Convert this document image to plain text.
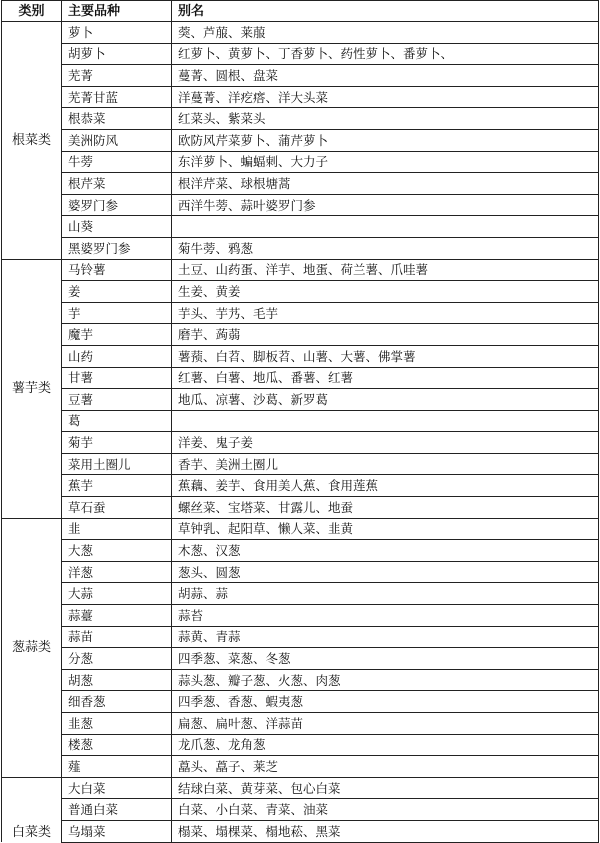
类别	主要品种	别名
根菜类	萝卜	葖、芦菔、莱菔
	胡萝卜	红萝卜、黄萝卜、丁香萝卜、药性萝卜、番萝卜、
	芜菁	蔓菁、圆根、盘菜
	芜菁甘蓝	洋蔓菁、洋疙瘩、洋大头菜
	根恭菜	红菜头、紫菜头
	美洲防风	欧防风芹菜萝卜、蒲芹萝卜
	牛蒡	东洋萝卜、蝙蝠刺、大力子
	根芹菜	根洋芹菜、球根塘蒿
	婆罗门参	西洋牛蒡、蒜叶婆罗门参
	山葵	
	黑婆罗门参	菊牛蒡、鸦葱
薯芋类	马铃薯	土豆、山药蛋、洋芋、地蛋、荷兰薯、爪哇薯
	姜	生姜、黄姜
	芋	芋头、芋艿、毛芋
	魔芋	磨芋、蒟蒻
	山药	薯蓣、白苕、脚板苕、山薯、大薯、佛掌薯
	甘薯	红薯、白薯、地瓜、番薯、红薯
	豆薯	地瓜、凉薯、沙葛、新罗葛
	葛	
	菊芋	洋姜、鬼子姜
	菜用土圈儿	香芋、美洲土圈儿
	蕉芋	蕉藕、姜芋、食用美人蕉、食用莲蕉
	草石蚕	螺丝菜、宝塔菜、甘露儿、地蚕
葱蒜类	韭	草钟乳、起阳草、懒人菜、韭黄
	大葱	木葱、汉葱
	洋葱	葱头、圆葱
	大蒜	胡蒜、蒜
	蒜薹	蒜苔
	蒜苗	蒜黄、青蒜
	分葱	四季葱、菜葱、冬葱
	胡葱	蒜头葱、瓣子葱、火葱、肉葱
	细香葱	四季葱、香葱、蝦夷葱
	韭葱	扁葱、扁叶葱、洋蒜苗
	楼葱	龙爪葱、龙角葱
	薤	藠头、藠子、莱芝
白菜类	大白菜	结球白菜、黄芽菜、包心白菜
	普通白菜	白菜、小白菜、青菜、油菜
	乌塌菜	榻菜、塌棵菜、榻地菘、黑菜
